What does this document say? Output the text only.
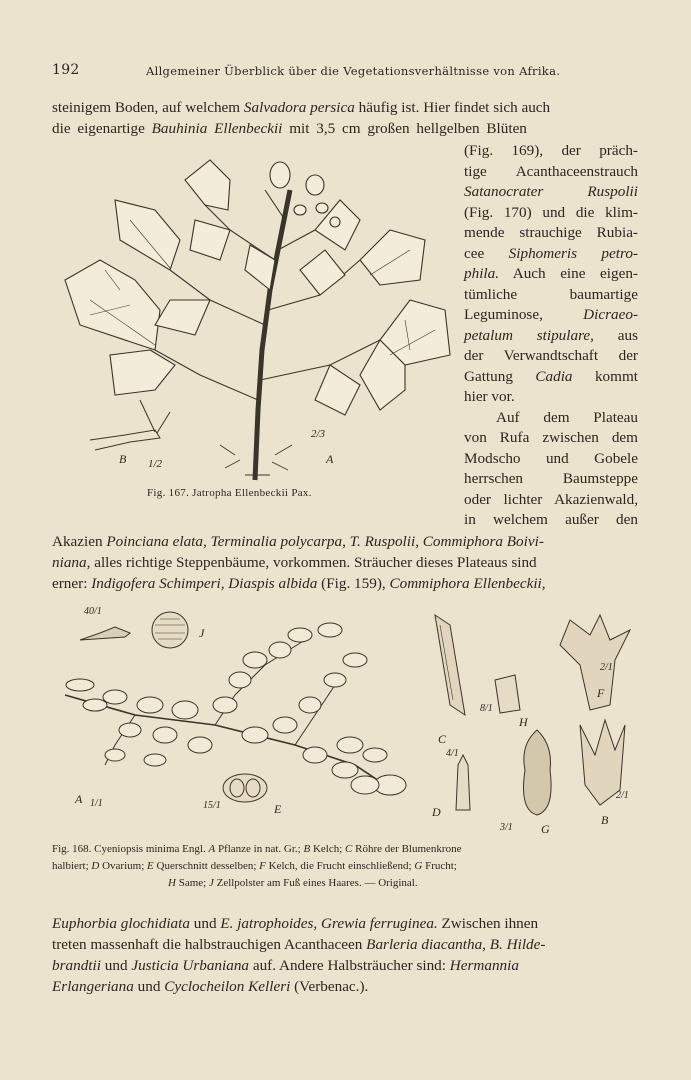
192	Allgemeiner Überblick über die Vegetationsverhältnisse von Afrika.
steinigem Boden, auf welchem Salvadora persica häufig ist. Hier findet sich auch
die eigenartige Bauhinia Ellenbeckii mit 3,5 cm großen hellgelben Blüten
(Fig. 169), der präch-
tige Acanthaceenstrauch
Satanocrater Ruspolii
(Fig. 170) und die klim-
mende strauchige Rubia-
cee Siphomeris petro-
phila. Auch eine eigen-
tümliche baumartige
Leguminose, Dicraeo-
petalum stipulare, aus
der Verwandtschaft der
Gattung Cadia kommt
hier vor.
Auf dem Plateau
von Rufa zwischen dem
Modscho und Gobele
herrschen Baumsteppe
oder lichter Akazienwald,
in welchem außer den
B 1/2
2/3
A
Fig. 167. Jatropha Ellenbeckii Pax.
Akazien Poinciana elata, Terminalia polycarpa, T. Ruspolii, Commiphora Boivi-
niana, alles richtige Steppenbäume, vorkommen. Sträucher dieses Plateaus sind
erner: Indigofera Schimperi, Diaspis albida (Fig. 159), Commiphora Ellenbeckii,
A 1/1
40/1
J
15/1	E
C
4/1
8/1
H
2/1
F
D
3/1 G
2/1
B
Fig. 168. Cyeniopsis minima Engl. A Pflanze in nat. Gr.; B Kelch; C Röhre der Blumenkrone
halbiert; D Ovarium; E Querschnitt desselben; F Kelch, die Frucht einschließend; G Frucht;
H Same; J Zellpolster am Fuß eines Haares. — Original.
Euphorbia glochidiata und E. jatrophoides, Grewia ferruginea. Zwischen ihnen
treten massenhaft die halbstrauchigen Acanthaceen Barleria diacantha, B. Hilde-
brandtii und Justicia Urbaniana auf. Andere Halbsträucher sind: Hermannia
Erlangeriana und Cyclocheilon Kelleri (Verbenac.).
